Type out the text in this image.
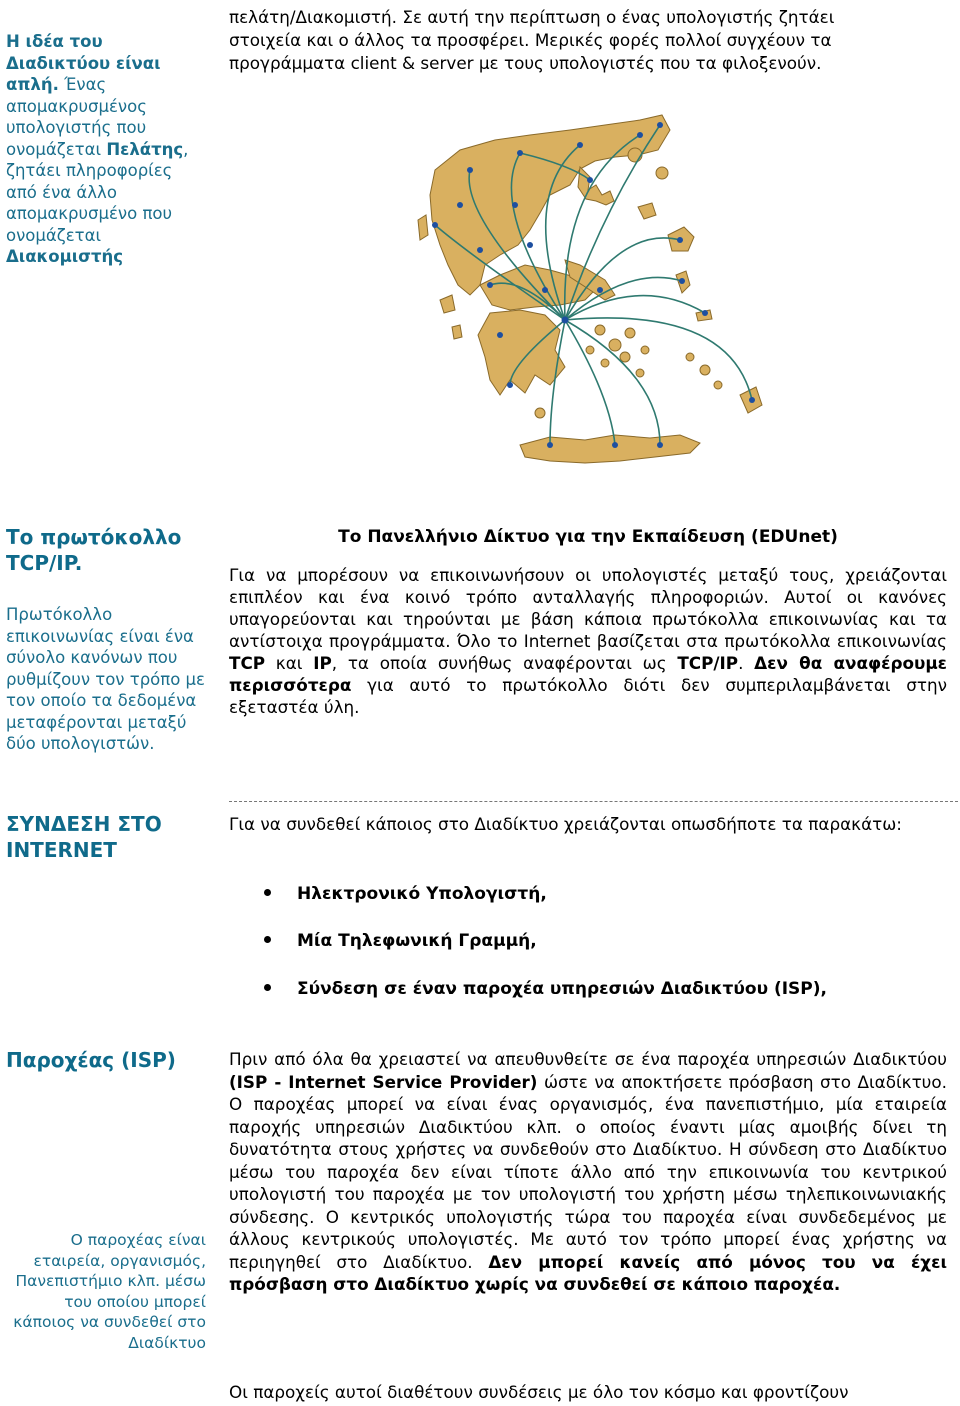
πελάτη/Διακομιστή. Σε αυτή την περίπτωση ο ένας υπολογιστής ζητάει
στοιχεία και ο άλλος τα προσφέρει. Μερικές φορές πολλοί συγχέουν τα
προγράμματα client & server με τους υπολογιστές που τα φιλοξενούν.
Η ιδέα του Διαδικτύου είναι απλή. Ένας απομακρυσμένος υπολογιστής που ονομάζεται Πελάτης, ζητάει πληροφορίες από ένα άλλο απομακρυσμένο που ονομάζεται Διακομιστής
Το πρωτόκολλο TCP/IP.
Πρωτόκολλο επικοινωνίας είναι ένα σύνολο κανόνων που ρυθμίζουν τον τρόπο με τον οποίο τα δεδομένα μεταφέρονται μεταξύ δύο υπολογιστών.
Το Πανελλήνιο Δίκτυο για την Εκπαίδευση (EDUnet)
Για να μπορέσουν να επικοινωνήσουν οι υπολογιστές μεταξύ τους, χρειάζονται επιπλέον και ένα κοινό τρόπο ανταλλαγής πληροφοριών. Αυτοί οι κανόνες υπαγορεύονται και τηρούνται με βάση κάποια πρωτόκολλα επικοινωνίας και τα αντίστοιχα προγράμματα. Όλο το Internet βασίζεται στα πρωτόκολλα επικοινωνίας TCP και IP, τα οποία συνήθως αναφέρονται ως TCP/IP. Δεν θα αναφέρουμε περισσότερα για αυτό το πρωτόκολλο διότι δεν συμπεριλαμβάνεται στην εξεταστέα ύλη.
ΣΥΝΔΕΣΗ ΣΤΟ INTERNET
Για να συνδεθεί κάποιος στο Διαδίκτυο χρειάζονται οπωσδήποτε τα παρακάτω:
Ηλεκτρονικό Υπολογιστή,
Μία Τηλεφωνική Γραμμή,
Σύνδεση σε έναν παροχέα υπηρεσιών Διαδικτύου (ISP),
Παροχέας (ISP)
Ο παροχέας είναι εταιρεία, οργανισμός, Πανεπιστήμιο κλπ. μέσω του οποίου μπορεί κάποιος να συνδεθεί στο Διαδίκτυο
Πριν από όλα θα χρειαστεί να απευθυνθείτε σε ένα παροχέα υπηρεσιών Διαδικτύου (ISP - Internet Service Provider) ώστε να αποκτήσετε πρόσβαση στο Διαδίκτυο. Ο παροχέας μπορεί να είναι ένας οργανισμός, ένα πανεπιστήμιο, μία εταιρεία παροχής υπηρεσιών Διαδικτύου κλπ. ο οποίος έναντι μίας αμοιβής δίνει τη δυνατότητα στους χρήστες να συνδεθούν στο Διαδίκτυο. Η σύνδεση στο Διαδίκτυο μέσω του παροχέα δεν είναι τίποτε άλλο από την επικοινωνία του κεντρικού υπολογιστή του παροχέα με τον υπολογιστή του χρήστη μέσω τηλεπικοινωνιακής σύνδεσης. Ο κεντρικός υπολογιστής τώρα του παροχέα είναι συνδεδεμένος με άλλους κεντρικούς υπολογιστές. Με αυτό τον τρόπο μπορεί ένας χρήστης να περιηγηθεί στο Διαδίκτυο. Δεν μπορεί κανείς από μόνος του να έχει πρόσβαση στο Διαδίκτυο χωρίς να συνδεθεί σε κάποιο παροχέα.
Οι παροχείς αυτοί διαθέτουν συνδέσεις με όλο τον κόσμο και φροντίζουν
